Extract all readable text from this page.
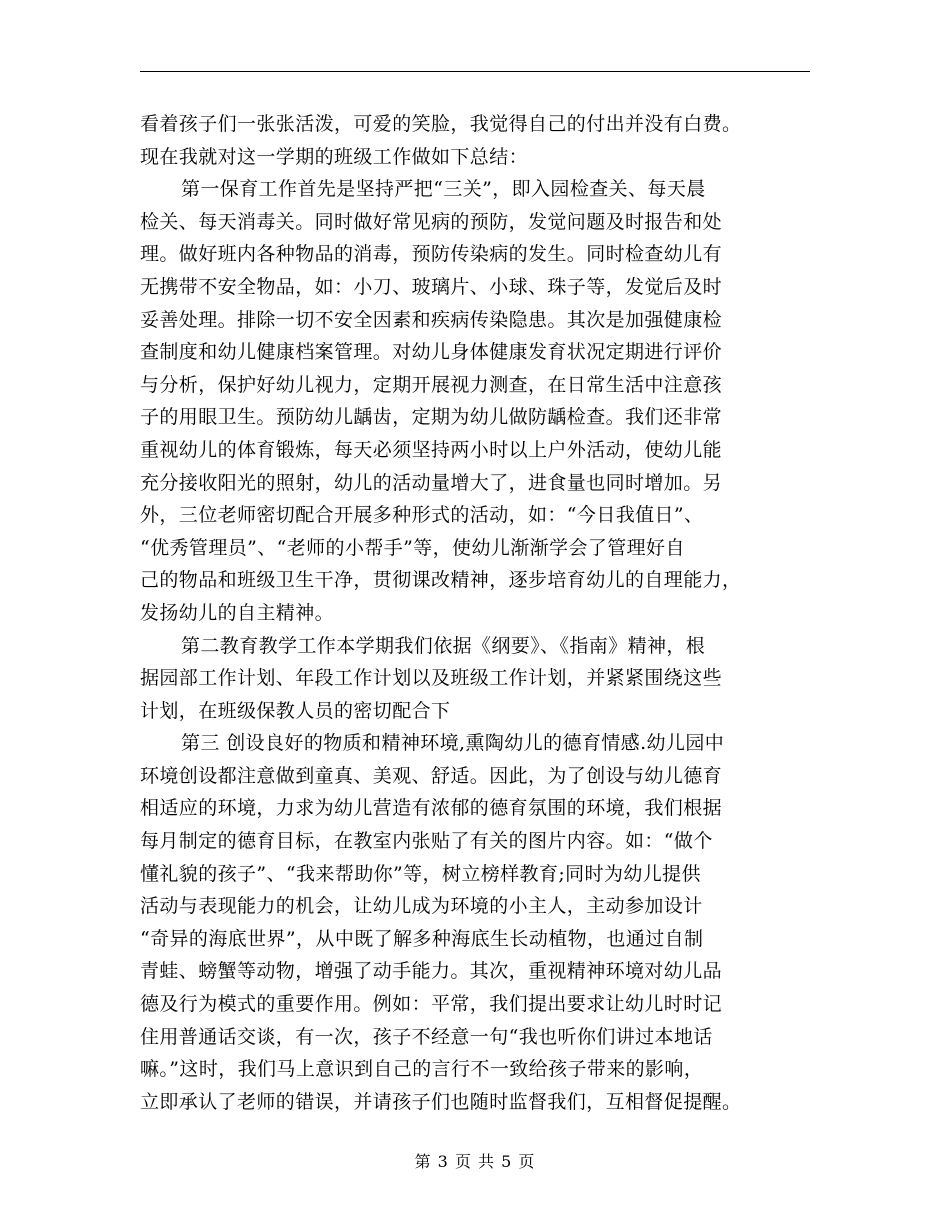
看着孩子们一张张活泼，可爱的笑脸，我觉得自己的付出并没有白费。
现在我就对这一学期的班级工作做如下总结：
第一保育工作首先是坚持严把“三关”，即入园检查关、每天晨
检关、每天消毒关。同时做好常见病的预防，发觉问题及时报告和处
理。做好班内各种物品的消毒，预防传染病的发生。同时检查幼儿有
无携带不安全物品，如：小刀、玻璃片、小球、珠子等，发觉后及时
妥善处理。排除一切不安全因素和疾病传染隐患。其次是加强健康检
查制度和幼儿健康档案管理。对幼儿身体健康发育状况定期进行评价
与分析，保护好幼儿视力，定期开展视力测查，在日常生活中注意孩
子的用眼卫生。预防幼儿龋齿，定期为幼儿做防龋检查。我们还非常
重视幼儿的体育锻炼，每天必须坚持两小时以上户外活动，使幼儿能
充分接收阳光的照射，幼儿的活动量增大了，进食量也同时增加。另
外，三位老师密切配合开展多种形式的活动，如：“今日我值日”、
“优秀管理员”、“老师的小帮手”等，使幼儿渐渐学会了管理好自
己的物品和班级卫生干净，贯彻课改精神，逐步培育幼儿的自理能力，
发扬幼儿的自主精神。
第二教育教学工作本学期我们依据《纲要》、《指南》精神，根
据园部工作计划、年段工作计划以及班级工作计划，并紧紧围绕这些
计划，在班级保教人员的密切配合下
第三 创设良好的物质和精神环境,熏陶幼儿的德育情感.幼儿园中
环境创设都注意做到童真、美观、舒适。因此，为了创设与幼儿德育
相适应的环境，力求为幼儿营造有浓郁的德育氛围的环境，我们根据
每月制定的德育目标，在教室内张贴了有关的图片内容。如：“做个
懂礼貌的孩子”、“我来帮助你”等，树立榜样教育;同时为幼儿提供
活动与表现能力的机会，让幼儿成为环境的小主人，主动参加设计
“奇异的海底世界”，从中既了解多种海底生长动植物，也通过自制
青蛙、螃蟹等动物，增强了动手能力。其次，重视精神环境对幼儿品
德及行为模式的重要作用。例如：平常，我们提出要求让幼儿时时记
住用普通话交谈，有一次，孩子不经意一句“我也听你们讲过本地话
嘛。”这时，我们马上意识到自己的言行不一致给孩子带来的影响，
立即承认了老师的错误，并请孩子们也随时监督我们，互相督促提醒。
第 3 页 共 5 页
